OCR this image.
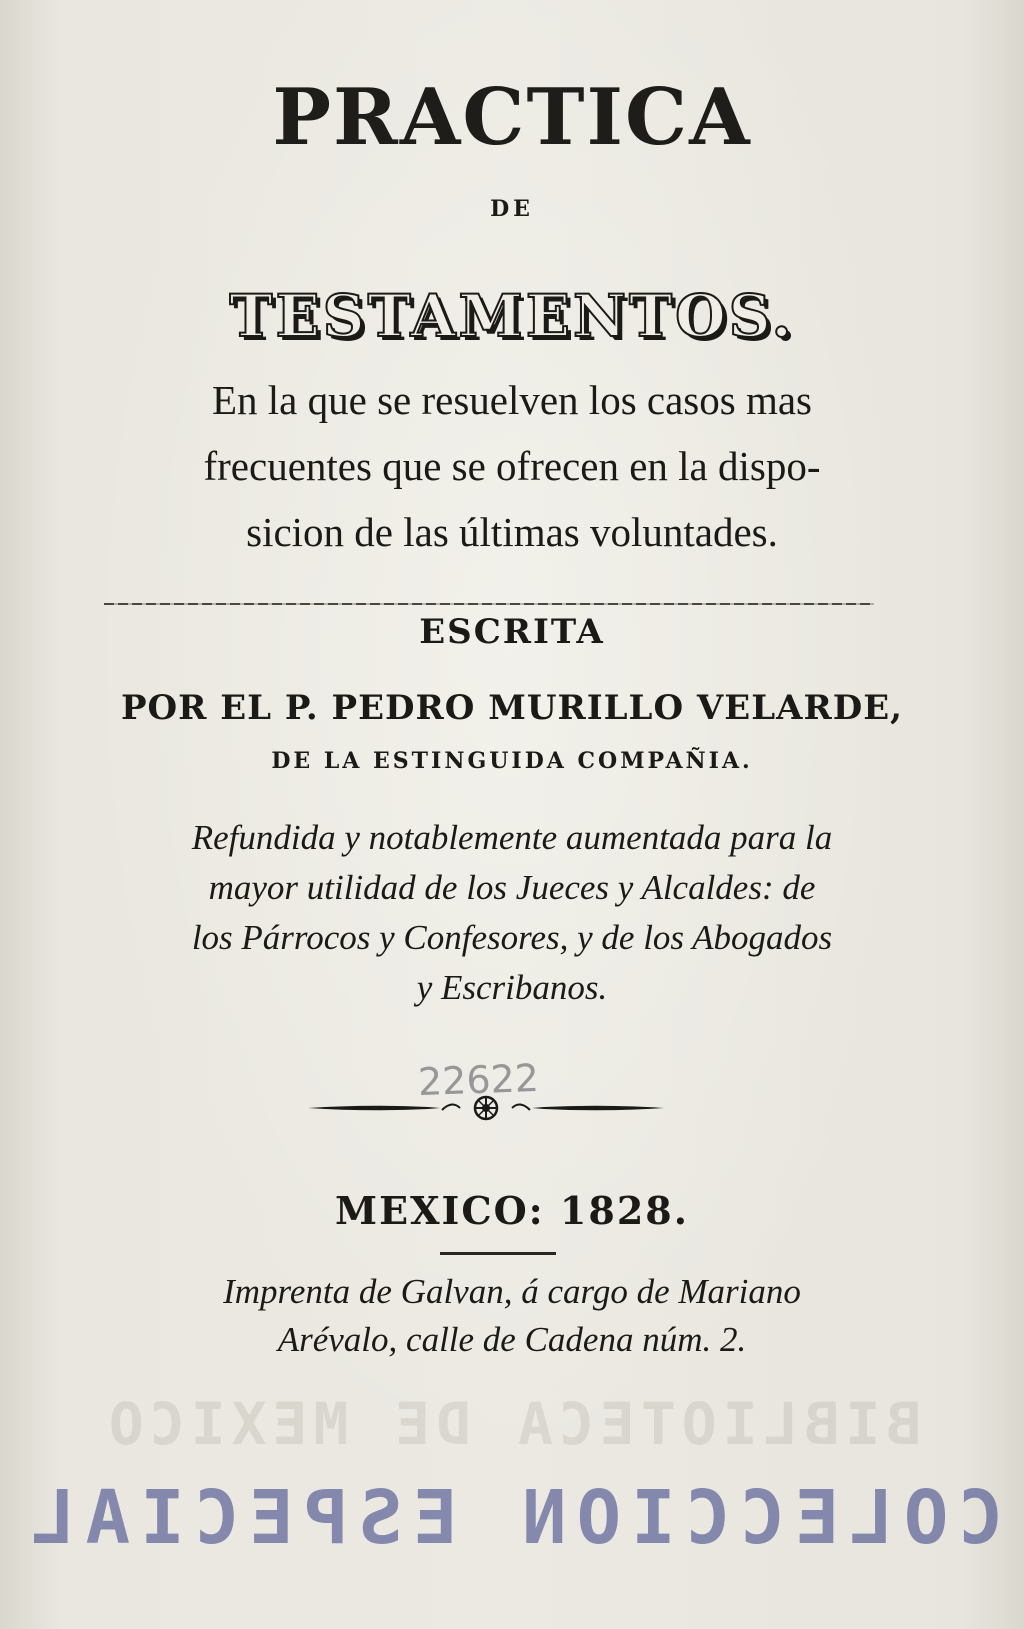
PRACTICA
DE
TESTAMENTOS.
En la que se resuelven los casos mas
frecuentes que se ofrecen en la dispo-
sicion de las últimas voluntades.
ESCRITA
POR EL P. PEDRO MURILLO VELARDE,
DE LA ESTINGUIDA COMPAÑIA.
Refundida y notablemente aumentada para la
mayor utilidad de los Jueces y Alcaldes: de
los Párrocos y Confesores, y de los Abogados
y Escribanos.
22622
MEXICO: 1828.
Imprenta de Galvan, á cargo de Mariano
Arévalo, calle de Cadena núm. 2.
BIBLIOTECA DE MEXICO
COLECCION ESPECIAL
